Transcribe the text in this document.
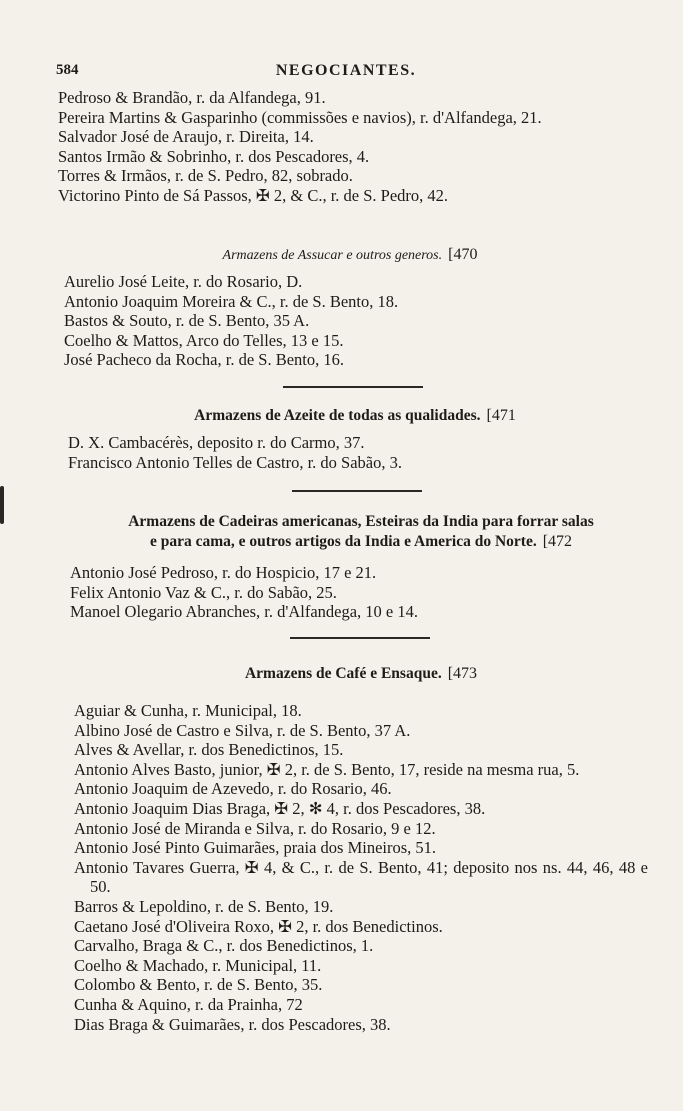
584	NEGOCIANTES.
Pedroso & Brandão, r. da Alfandega, 91.
Pereira Martins & Gasparinho (commissões e navios), r. d'Alfandega, 21.
Salvador José de Araujo, r. Direita, 14.
Santos Irmão & Sobrinho, r. dos Pescadores, 4.
Torres & Irmãos, r. de S. Pedro, 82, sobrado.
Victorino Pinto de Sá Passos, ✠ 2, & C., r. de S. Pedro, 42.
Armazens de Assucar e outros generos. [470
Aurelio José Leite, r. do Rosario, D.
Antonio Joaquim Moreira & C., r. de S. Bento, 18.
Bastos & Souto, r. de S. Bento, 35 A.
Coelho & Mattos, Arco do Telles, 13 e 15.
José Pacheco da Rocha, r. de S. Bento, 16.
Armazens de Azeite de todas as qualidades. [471
D. X. Cambacérès, deposito r. do Carmo, 37.
Francisco Antonio Telles de Castro, r. do Sabão, 3.
Armazens de Cadeiras americanas, Esteiras da India para forrar salas
e para cama, e outros artigos da India e America do Norte. [472
Antonio José Pedroso, r. do Hospicio, 17 e 21.
Felix Antonio Vaz & C., r. do Sabão, 25.
Manoel Olegario Abranches, r. d'Alfandega, 10 e 14.
Armazens de Café e Ensaque. [473
Aguiar & Cunha, r. Municipal, 18.
Albino José de Castro e Silva, r. de S. Bento, 37 A.
Alves & Avellar, r. dos Benedictinos, 15.
Antonio Alves Basto, junior, ✠ 2, r. de S. Bento, 17, reside na mesma rua, 5.
Antonio Joaquim de Azevedo, r. do Rosario, 46.
Antonio Joaquim Dias Braga, ✠ 2, ✻ 4, r. dos Pescadores, 38.
Antonio José de Miranda e Silva, r. do Rosario, 9 e 12.
Antonio José Pinto Guimarães, praia dos Mineiros, 51.
Antonio Tavares Guerra, ✠ 4, & C., r. de S. Bento, 41; deposito nos ns. 44, 46, 48 e 50.
Barros & Lepoldino, r. de S. Bento, 19.
Caetano José d'Oliveira Roxo, ✠ 2, r. dos Benedictinos.
Carvalho, Braga & C., r. dos Benedictinos, 1.
Coelho & Machado, r. Municipal, 11.
Colombo & Bento, r. de S. Bento, 35.
Cunha & Aquino, r. da Prainha, 72
Dias Braga & Guimarães, r. dos Pescadores, 38.
